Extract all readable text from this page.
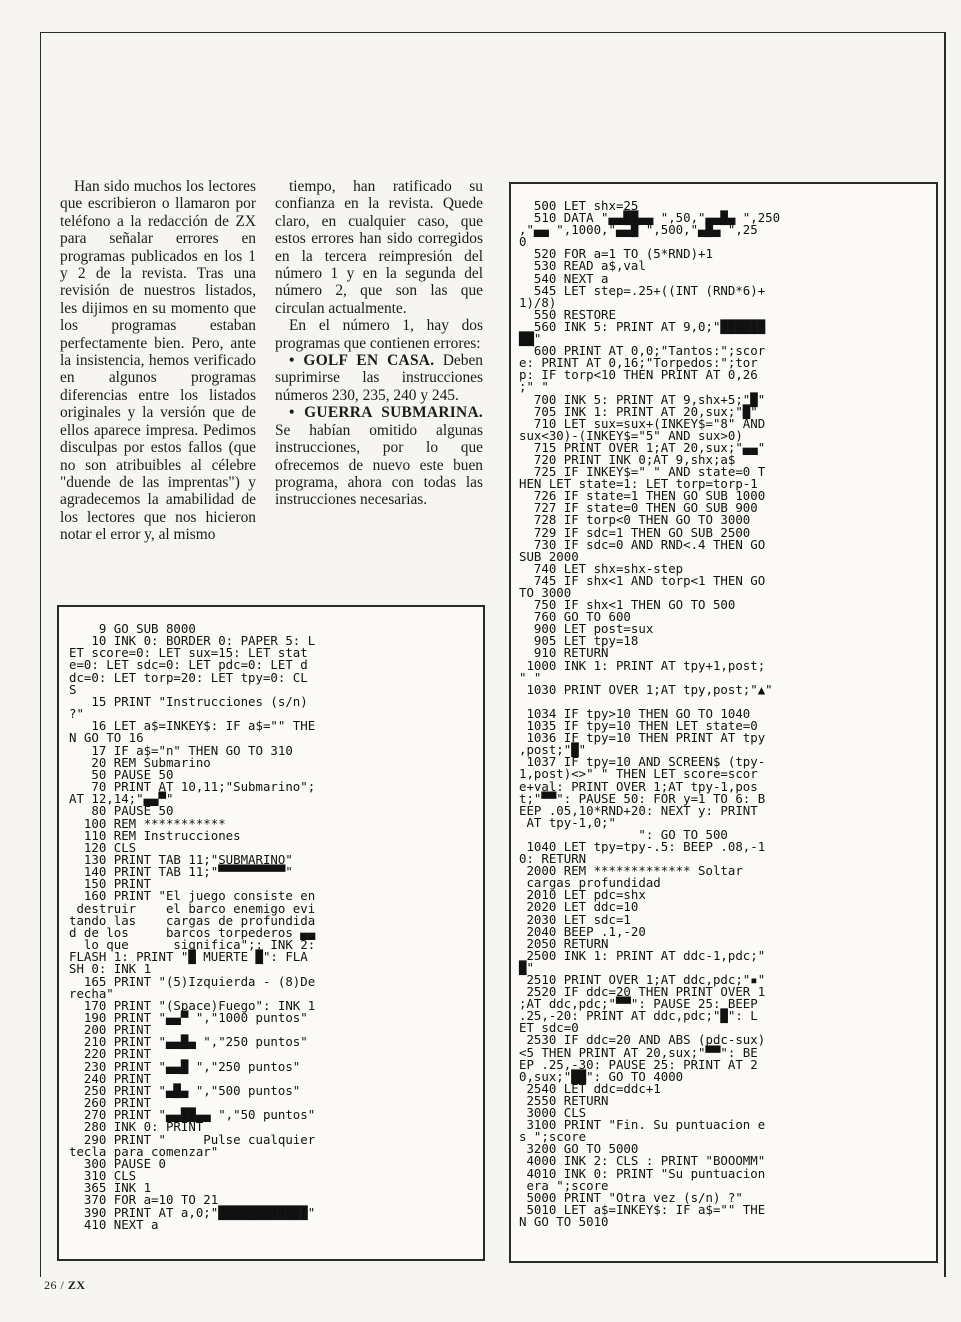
Han sido muchos los lectores que escribieron o llamaron por teléfono a la redacción de ZX para señalar errores en programas publicados en los 1 y 2 de la revista. Tras una revisión de nuestros listados, les dijimos en su momento que los programas estaban perfectamente bien. Pero, ante la insistencia, hemos verificado en algunos programas diferencias entre los listados originales y la versión que de ellos aparece impresa. Pedimos disculpas por estos fallos (que no son atribuibles al célebre "duende de las imprentas") y agradecemos la amabilidad de los lectores que nos hicieron notar el error y, al mismo

tiempo, han ratificado su confianza en la revista. Quede claro, en cualquier caso, que estos errores han sido corregidos en la tercera reimpresión del número 1 y en la segunda del número 2, que son las que circulan actualmente.

En el número 1, hay dos programas que contienen errores:

• GOLF EN CASA. Deben suprimirse las instrucciones números 230, 235, 240 y 245.

• GUERRA SUBMARINA. Se habían omitido algunas instrucciones, por lo que ofrecemos de nuevo este buen programa, ahora con todas las instrucciones necesarias.

9 GO SUB 8000
10 INK 0: BORDER 0: PAPER 5: L
ET score=0: LET sux=15: LET stat
e=0: LET sdc=0: LET pdc=0: LET d
dc=0: LET torp=20: LET tpy=0: CL
S
15 PRINT "Instrucciones (s/n)
?"
16 LET a$=INKEY$: IF a$="" THE
N GO TO 16
17 IF a$="n" THEN GO TO 310
20 REM Submarino
50 PAUSE 50
70 PRINT AT 10,11;"Submarino";
AT 12,14;"▄▄▀"
80 PAUSE 50
100 REM ***********
110 REM Instrucciones
120 CLS
130 PRINT TAB 11;"SUBMARINO"
140 PRINT TAB 11;"▀▀▀▀▀▀▀▀▀"
150 PRINT
160 PRINT "El juego consiste en
destruir    el barco enemigo evi
tando las    cargas de profundida
d de los     barcos torpederos ▄▄
lo que      significa";: INK 2:
FLASH 1: PRINT "█ MUERTE █": FLA
SH 0: INK 1
165 PRINT "(5)Izquierda - (8)De
recha"
170 PRINT "(Space)Fuego": INK 1
190 PRINT "▄▄▀ ","1000 puntos"
200 PRINT
210 PRINT "▄▄█▄ ","250 puntos"
220 PRINT
230 PRINT "▄▄█ ","250 puntos"
240 PRINT
250 PRINT "▄█▄ ","500 puntos"
260 PRINT
270 PRINT "▄▄██▄▄ ","50 puntos"
280 INK 0: PRINT
290 PRINT "     Pulse cualquier
tecla para comenzar"
300 PAUSE 0
310 CLS
365 INK 1
370 FOR a=10 TO 21
390 PRINT AT a,0;"████████████"
410 NEXT a
500 LET shx=25
510 DATA "▄▄██▄▄ ",50,"▄▄█▄ ",250
,"▄▄ ",1000,"▄▄█ ",500,"▄█▄ ",25
0
520 FOR a=1 TO (5*RND)+1
530 READ a$,val
540 NEXT a
545 LET step=.25+((INT (RND*6)+
1)/8)
550 RESTORE
560 INK 5: PRINT AT 9,0;"██████
██"
600 PRINT AT 0,0;"Tantos:";scor
e: PRINT AT 0,16;"Torpedos:";tor
p: IF torp<10 THEN PRINT AT 0,26
;" "
700 INK 5: PRINT AT 9,shx+5;"█"
705 INK 1: PRINT AT 20,sux;"█"
710 LET sux=sux+(INKEY$="8" AND
sux<30)-(INKEY$="5" AND sux>0)
715 PRINT OVER 1;AT 20,sux;"▄▄"
720 PRINT INK 0;AT 9,shx;a$
725 IF INKEY$=" " AND state=0 T
HEN LET state=1: LET torp=torp-1
726 IF state=1 THEN GO SUB 1000
727 IF state=0 THEN GO SUB 900
728 IF torp<0 THEN GO TO 3000
729 IF sdc=1 THEN GO SUB 2500
730 IF sdc=0 AND RND<.4 THEN GO
SUB 2000
740 LET shx=shx-step
745 IF shx<1 AND torp<1 THEN GO
TO 3000
750 IF shx<1 THEN GO TO 500
760 GO TO 600
900 LET post=sux
905 LET tpy=18
910 RETURN
1000 INK 1: PRINT AT tpy+1,post;
" "
1030 PRINT OVER 1;AT tpy,post;"▲"

1034 IF tpy>10 THEN GO TO 1040
1035 IF tpy=10 THEN LET state=0
1036 IF tpy=10 THEN PRINT AT tpy
,post;"█"
1037 IF tpy=10 AND SCREEN$ (tpy-
1,post)<>" " THEN LET score=scor
e+val: PRINT OVER 1;AT tpy-1,pos
t;"▀▀": PAUSE 50: FOR y=1 TO 6: B
EEP .05,10*RND+20: NEXT y: PRINT
AT tpy-1,0;"
": GO TO 500
1040 LET tpy=tpy-.5: BEEP .08,-1
0: RETURN
2000 REM ************* Soltar
cargas profundidad
2010 LET pdc=shx
2020 LET ddc=10
2030 LET sdc=1
2040 BEEP .1,-20
2050 RETURN
2500 INK 1: PRINT AT ddc-1,pdc;"
█"
2510 PRINT OVER 1;AT ddc,pdc;"▪"
2520 IF ddc=20 THEN PRINT OVER 1
;AT ddc,pdc;"▀▀": PAUSE 25: BEEP
.25,-20: PRINT AT ddc,pdc;"█": L
ET sdc=0
2530 IF ddc=20 AND ABS (pdc-sux)
<5 THEN PRINT AT 20,sux;"▀▀": BE
EP .25,-30: PAUSE 25: PRINT AT 2
0,sux;"██": GO TO 4000
2540 LET ddc=ddc+1
2550 RETURN
3000 CLS
3100 PRINT "Fin. Su puntuacion e
s ";score
3200 GO TO 5000
4000 INK 2: CLS : PRINT "BOOOMM"
4010 INK 0: PRINT "Su puntuacion
era ";score
5000 PRINT "Otra vez (s/n) ?"
5010 LET a$=INKEY$: IF a$="" THE
N GO TO 5010
26 / ZX
